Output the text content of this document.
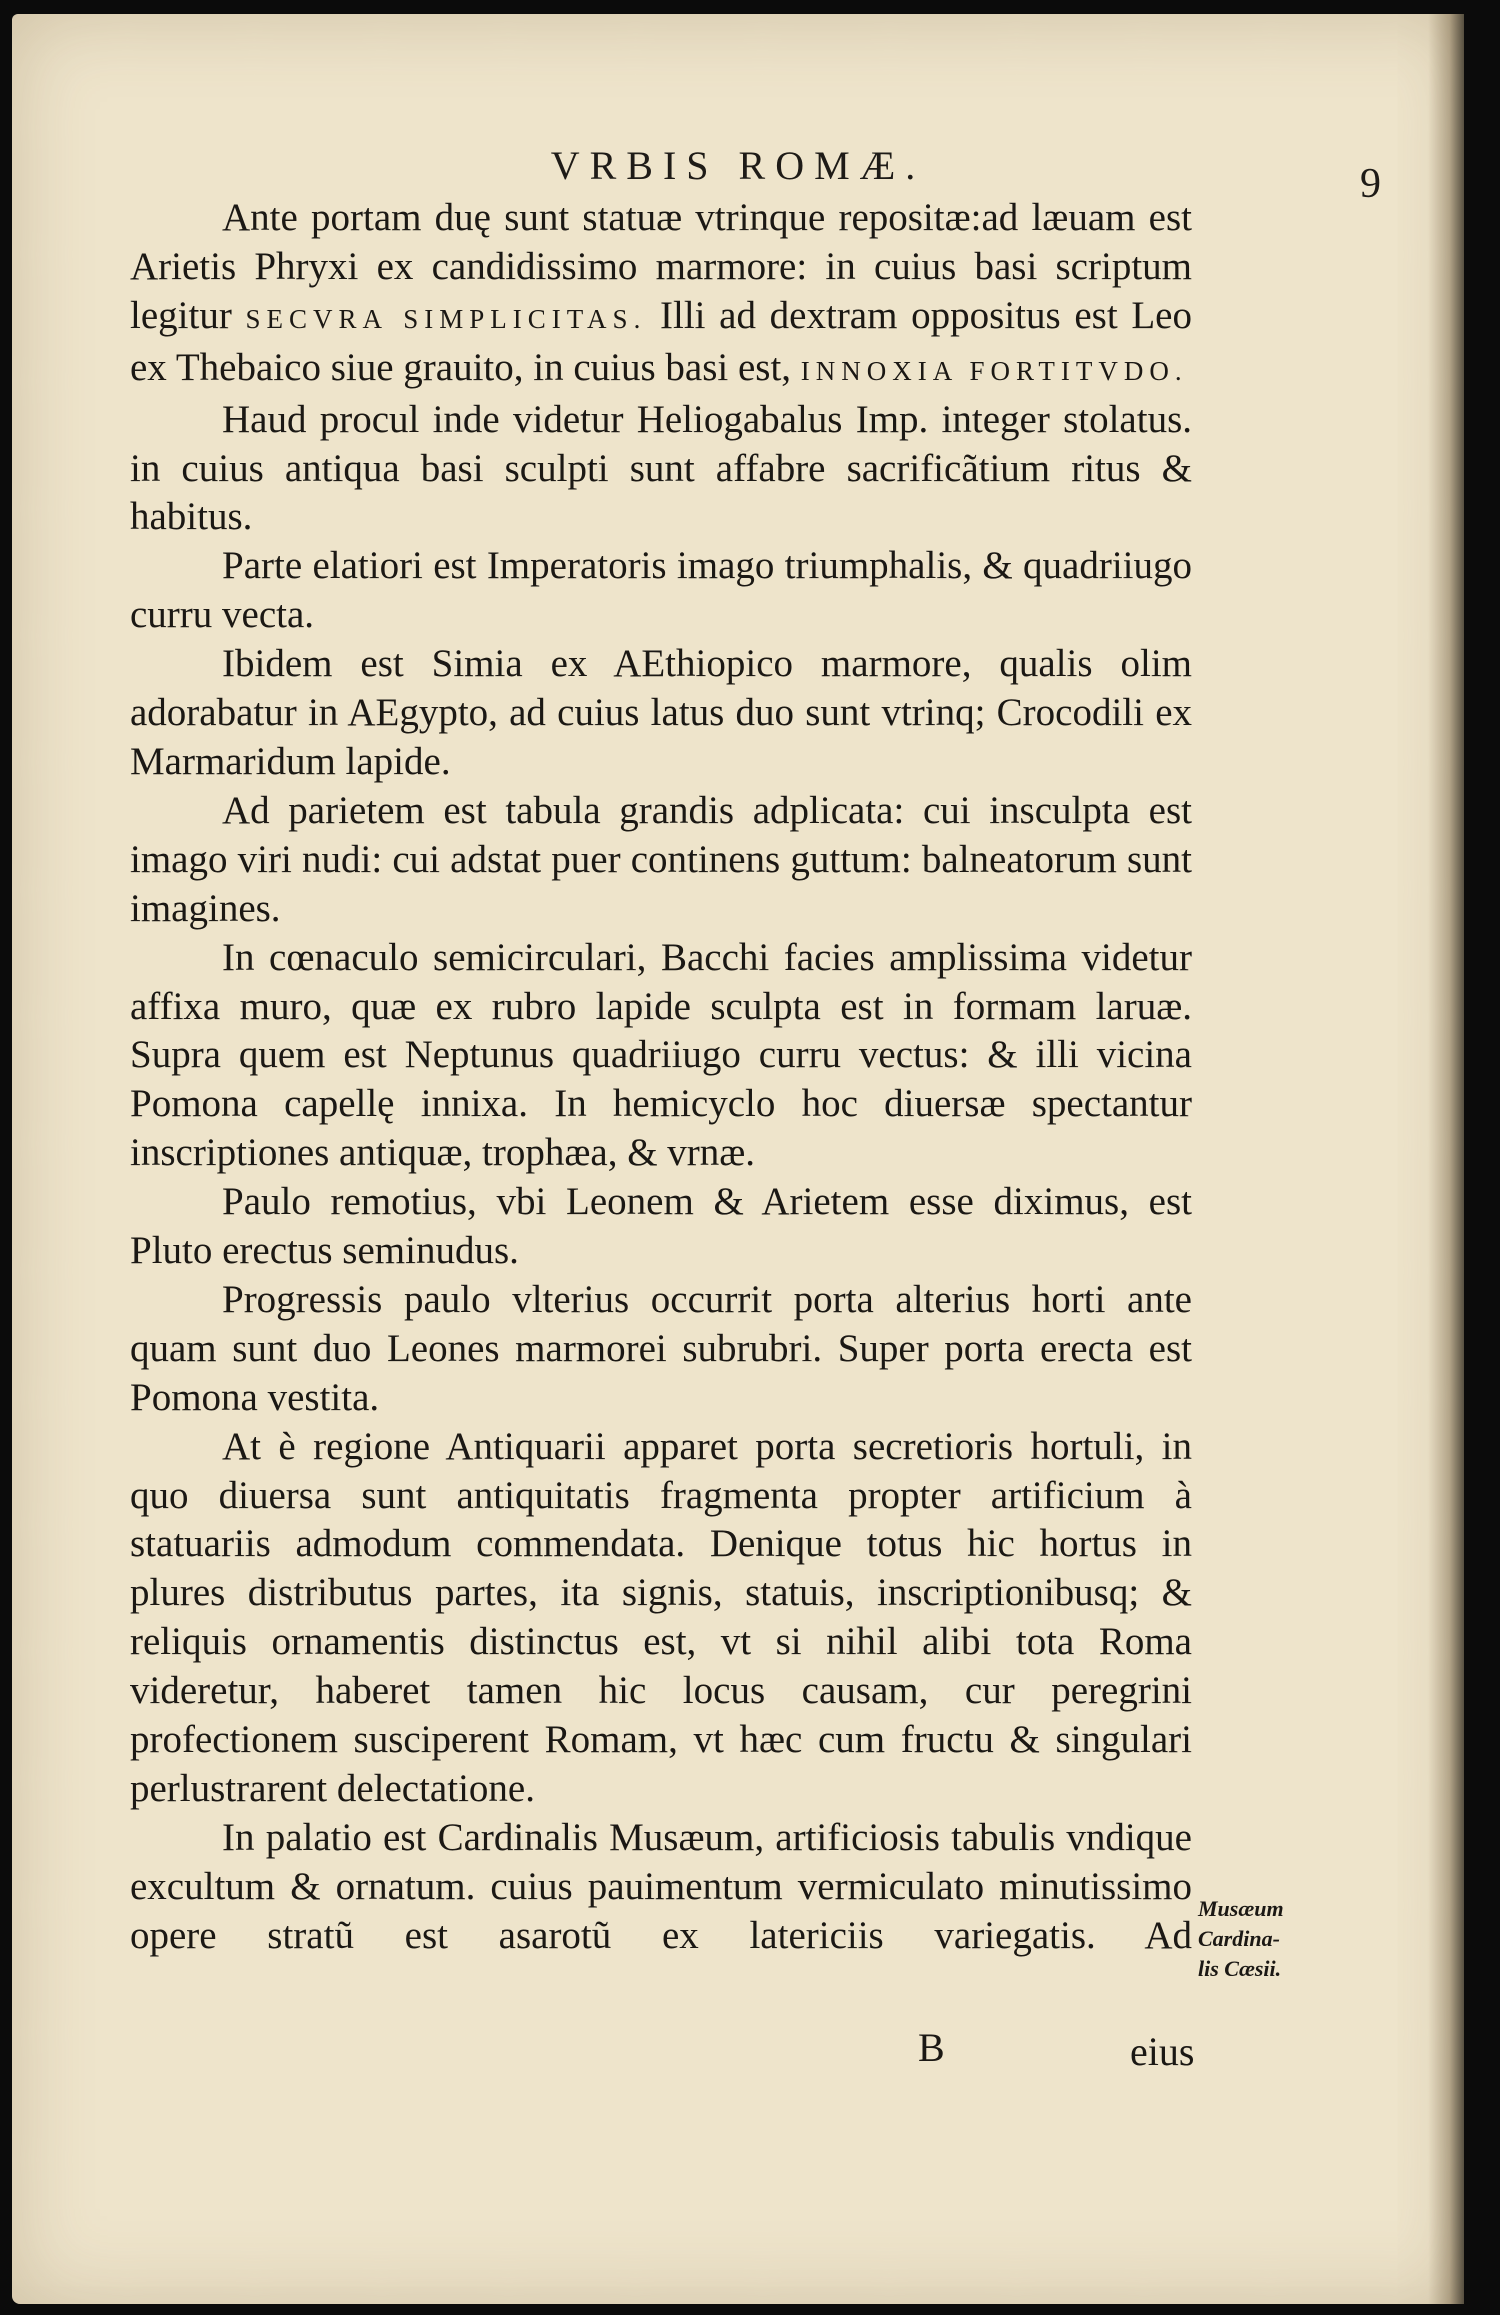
VRBIS ROMÆ.	9

Ante portam duę sunt statuæ vtrinque repositæ:ad læuam est Arietis Phryxi ex candidissimo marmore: in cuius basi scriptum legitur SECVRA SIMPLICITAS. Illi ad dextram oppositus est Leo ex Thebaico siue grauito, in cuius basi est, INNOXIA FORTITVDO.

Haud procul inde videtur Heliogabalus Imp. integer stolatus. in cuius antiqua basi sculpti sunt affabre sacrificãtium ritus & habitus.

Parte elatiori est Imperatoris imago triumphalis, & quadriiugo curru vecta.

Ibidem est Simia ex AEthiopico marmore, qualis olim adorabatur in AEgypto, ad cuius latus duo sunt vtrinq; Crocodili ex Marmaridum lapide.

Ad parietem est tabula grandis adplicata: cui insculpta est imago viri nudi: cui adstat puer continens guttum: balneatorum sunt imagines.

In cœnaculo semicirculari, Bacchi facies amplissima videtur affixa muro, quæ ex rubro lapide sculpta est in formam laruæ. Supra quem est Neptunus quadriiugo curru vectus: & illi vicina Pomona capellę innixa. In hemicyclo hoc diuersæ spectantur inscriptiones antiquæ, trophæa, & vrnæ.

Paulo remotius, vbi Leonem & Arietem esse diximus, est Pluto erectus seminudus.

Progressis paulo vlterius occurrit porta alterius horti ante quam sunt duo Leones marmorei subrubri. Super porta erecta est Pomona vestita.

At è regione Antiquarii apparet porta secretioris hortuli, in quo diuersa sunt antiquitatis fragmenta propter artificium à statuariis admodum commendata. Denique totus hic hortus in plures distributus partes, ita signis, statuis, inscriptionibusq; & reliquis ornamentis distinctus est, vt si nihil alibi tota Roma videretur, haberet tamen hic locus causam, cur peregrini profectionem susciperent Romam, vt hæc cum fructu & singulari perlustrarent delectatione.

In palatio est Cardinalis Musæum, artificiosis tabulis vndique excultum & ornatum. cuius pauimentum vermiculato minutissimo opere stratũ est asarotũ ex latericiis variegatis. Ad

Musæum
Cardina-
lis Cæsii.
B	eius
